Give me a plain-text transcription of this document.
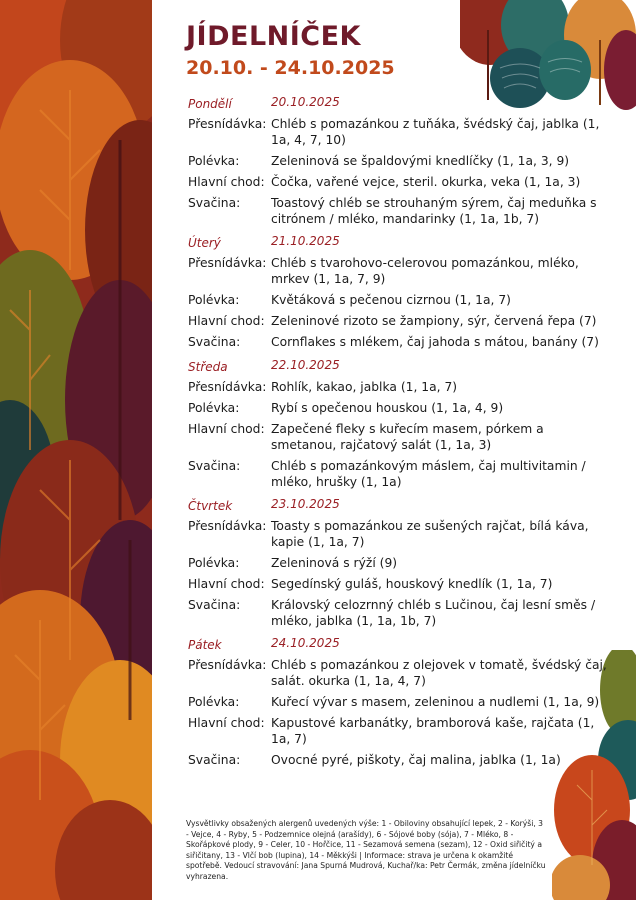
JÍDELNÍČEK
20.10. - 24.10.2025
Pondělí	20.10.2025
Přesnídávka: Chléb s pomazánkou z tuňáka, švédský čaj, jablka (1, 1a, 4, 7, 10)
Polévka:	Zeleninová se špaldovými knedlíčky (1, 1a, 3, 9)
Hlavní chod: Čočka, vařené vejce, steril. okurka, veka (1, 1a, 3)
Svačina:	Toastový chléb se strouhaným sýrem, čaj meduňka s citrónem / mléko, mandarinky (1, 1a, 1b, 7)
Úterý	21.10.2025
Přesnídávka: Chléb s tvarohovo-celerovou pomazánkou, mléko, mrkev (1, 1a, 7, 9)
Polévka:	Květáková s pečenou cizrnou (1, 1a, 7)
Hlavní chod: Zeleninové rizoto se žampiony, sýr, červená řepa (7)
Svačina:	Cornflakes s mlékem, čaj jahoda s mátou, banány (7)
Středa	22.10.2025
Přesnídávka: Rohlík, kakao, jablka (1, 1a, 7)
Polévka:	Rybí s opečenou houskou (1, 1a, 4, 9)
Hlavní chod: Zapečené fleky s kuřecím masem, pórkem a smetanou, rajčatový salát (1, 1a, 3)
Svačina:	Chléb s pomazánkovým máslem, čaj multivitamin / mléko, hrušky (1, 1a)
Čtvrtek	23.10.2025
Přesnídávka: Toasty s pomazánkou ze sušených rajčat, bílá káva, kapie (1, 1a, 7)
Polévka:	Zeleninová s rýží (9)
Hlavní chod: Segedínský guláš, houskový knedlík (1, 1a, 7)
Svačina:	Královský celozrnný chléb s Lučinou, čaj lesní směs / mléko, jablka (1, 1a, 1b, 7)
Pátek	24.10.2025
Přesnídávka: Chléb s pomazánkou z olejovek v tomatě, švédský čaj, salát. okurka (1, 1a, 4, 7)
Polévka:	Kuřecí vývar s masem, zeleninou a nudlemi (1, 1a, 9)
Hlavní chod: Kapustové karbanátky, bramborová kaše, rajčata (1, 1a, 7)
Svačina:	Ovocné pyré, piškoty, čaj malina, jablka (1, 1a)
Vysvětlivky obsažených alergenů uvedených výše: 1 - Obiloviny obsahující lepek, 2 - Korýši, 3 - Vejce, 4 - Ryby, 5 - Podzemnice olejná (arašídy), 6 - Sójové boby (sója), 7 - Mléko, 8 - Skořápkové plody, 9 - Celer, 10 - Hořčice, 11 - Sezamová semena (sezam), 12 - Oxid siřičitý a siřičitany, 13 - Vlčí bob (lupina), 14 - Měkkýši | Informace: strava je určena k okamžité spotřebě. Vedoucí stravování: Jana Spurná Mudrová, Kuchař/ka: Petr Čermák, změna jídelníčku vyhrazena.
